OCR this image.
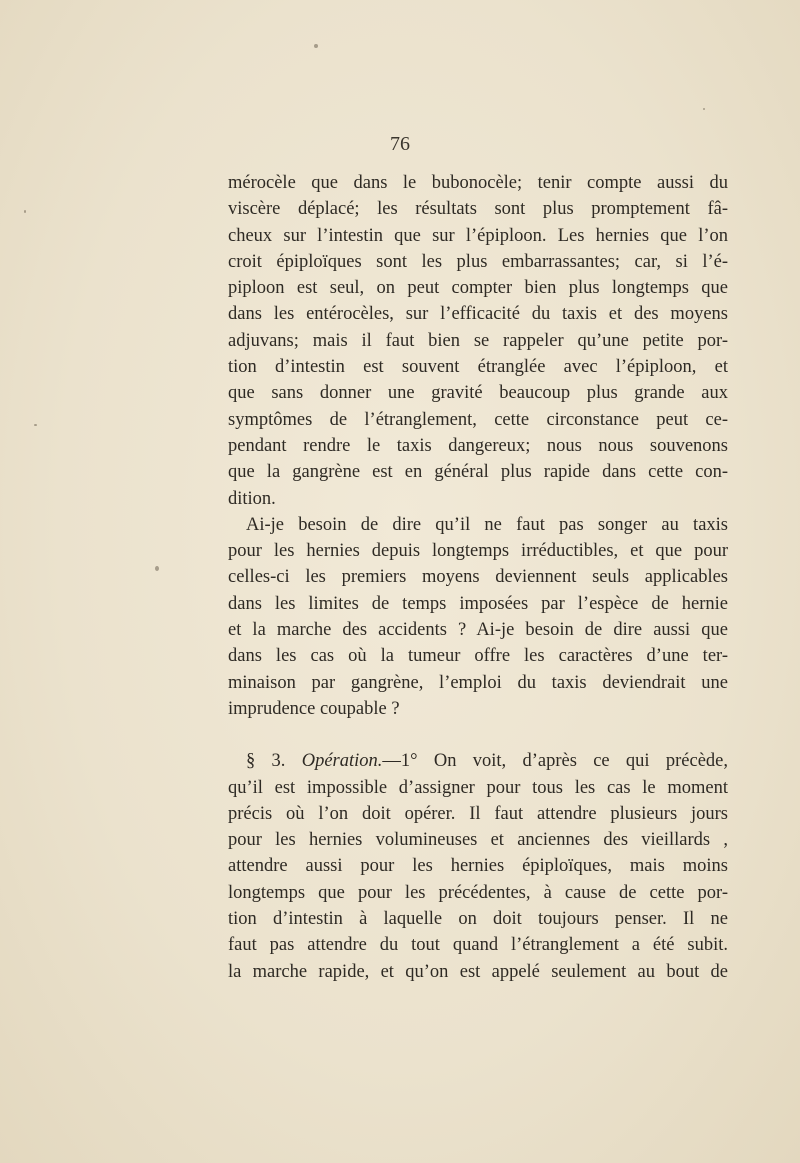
76
mérocèle que dans le bubonocèle; tenir compte aussi du
viscère déplacé; les résultats sont plus promptement fâ-
cheux sur l’intestin que sur l’épiploon. Les hernies que l’on
croit épiploïques sont les plus embarrassantes; car, si l’é-
piploon est seul, on peut compter bien plus longtemps que
dans les entérocèles, sur l’efficacité du taxis et des moyens
adjuvans; mais il faut bien se rappeler qu’une petite por-
tion d’intestin est souvent étranglée avec l’épiploon, et
que sans donner une gravité beaucoup plus grande aux
symptômes de l’étranglement, cette circonstance peut ce-
pendant rendre le taxis dangereux; nous nous souvenons
que la gangrène est en général plus rapide dans cette con-
dition.
Ai-je besoin de dire qu’il ne faut pas songer au taxis
pour les hernies depuis longtemps irréductibles, et que pour
celles-ci les premiers moyens deviennent seuls applicables
dans les limites de temps imposées par l’espèce de hernie
et la marche des accidents ? Ai-je besoin de dire aussi que
dans les cas où la tumeur offre les caractères d’une ter-
minaison par gangrène, l’emploi du taxis deviendrait une
imprudence coupable ?
§ 3. Opération.—1° On voit, d’après ce qui précède,
qu’il est impossible d’assigner pour tous les cas le moment
précis où l’on doit opérer. Il faut attendre plusieurs jours
pour les hernies volumineuses et anciennes des vieillards ,
attendre aussi pour les hernies épiploïques, mais moins
longtemps que pour les précédentes, à cause de cette por-
tion d’intestin à laquelle on doit toujours penser. Il ne
faut pas attendre du tout quand l’étranglement a été subit.
la marche rapide, et qu’on est appelé seulement au bout de
